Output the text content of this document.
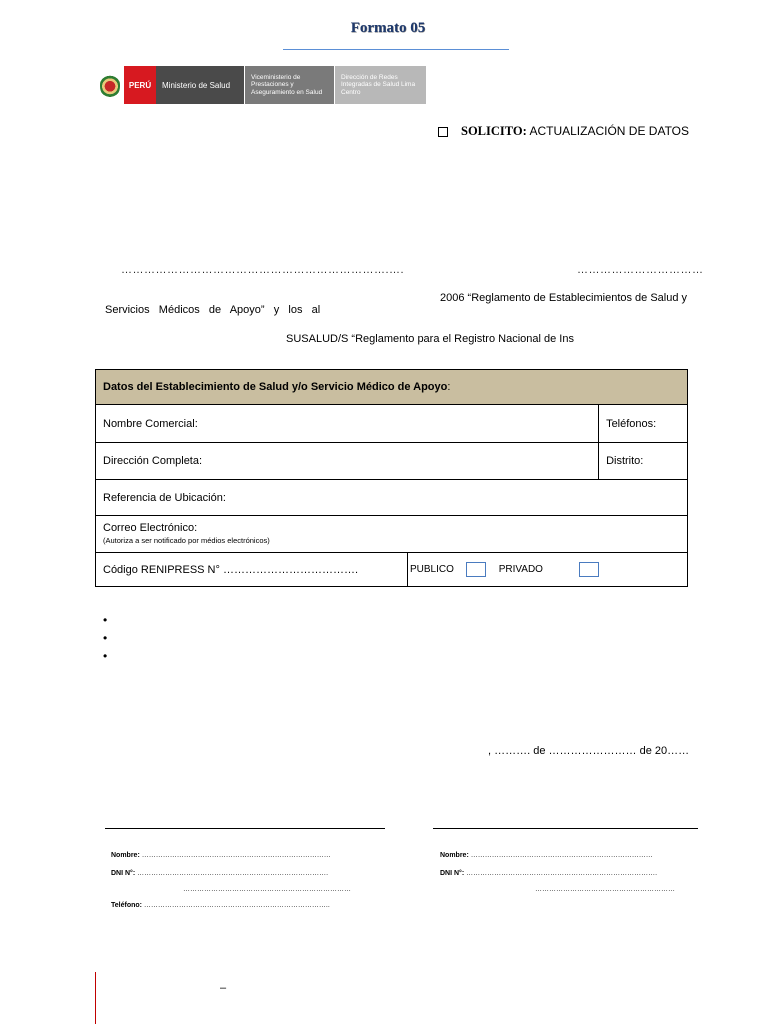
Formato 05
PERÚ	Ministerio de Salud
Viceministerio de Prestaciones y Aseguramiento en Salud
Dirección de Redes Integradas de Salud Lima Centro
SOLICITO: ACTUALIZACIÓN DE DATOS
…………………………………………………………….….	……………………………
2006 “Reglamento de Establecimientos de Salud y
Servicios   Médicos   de   Apoyo”   y   los   al
SUSALUD/S “Reglamento para el Registro Nacional de Ins
Datos del Establecimiento de Salud y/o Servicio Médico de Apoyo:		
Nombre Comercial:		Teléfonos:
Dirección Completa:		Distrito:
Referencia de Ubicación:		
Correo Electrónico:
(Autoriza a ser notificado por médios electrónicos)		
Código RENIPRESS N° ……………………………….	PUBLICO PRIVADO	
•
•
•
, ………. de …………………… de 20……
Nombre: ………………………………………………………………………
DNI N°: ……………………………………………………………………….
………………………………………………………………
Teléfono: ……………………………………………………………………..
Nombre: ……………………………………………………………………
DNI N°: ……………………………………………………………………….
……………………………………………………
–
